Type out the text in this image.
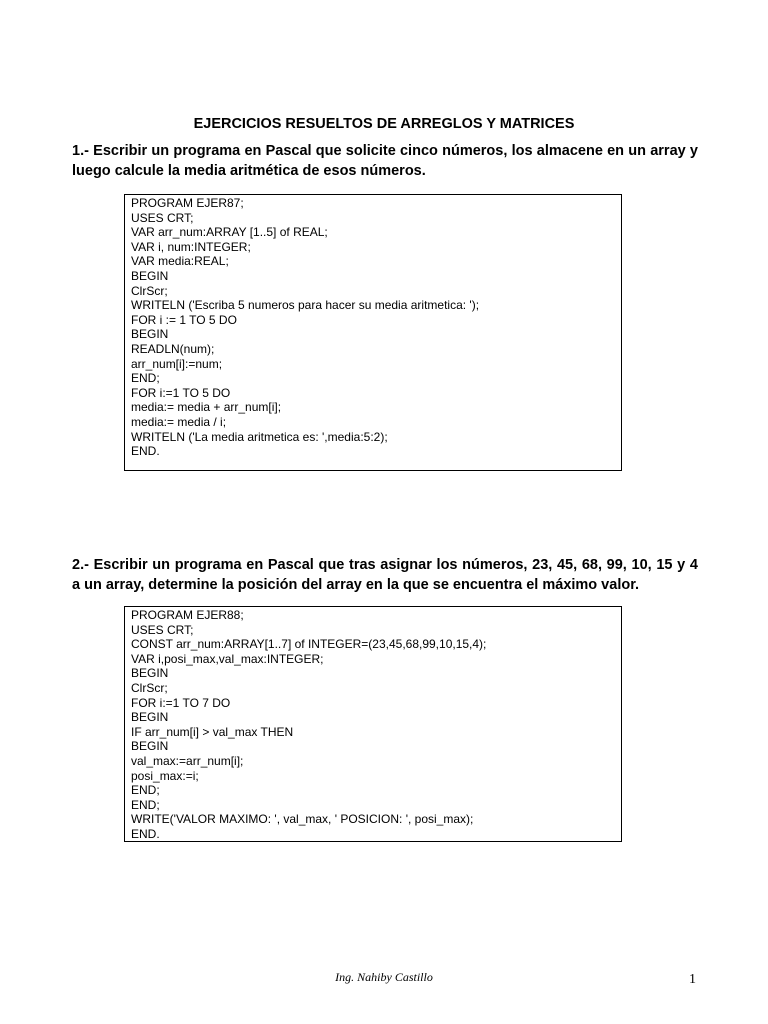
EJERCICIOS RESUELTOS DE ARREGLOS Y MATRICES
1.- Escribir un programa en Pascal que solicite cinco números, los almacene en un array y luego calcule la media aritmética de esos números.
PROGRAM EJER87;
USES CRT;
VAR arr_num:ARRAY [1..5] of REAL;
VAR i, num:INTEGER;
VAR media:REAL;
BEGIN
ClrScr;
WRITELN ('Escriba 5 numeros para hacer su media aritmetica: ');
FOR i := 1 TO 5 DO
BEGIN
READLN(num);
arr_num[i]:=num;
END;
FOR i:=1 TO 5 DO
media:= media + arr_num[i];
media:= media / i;
WRITELN ('La media aritmetica es: ',media:5:2);
END.
2.- Escribir un programa en Pascal que tras asignar los números, 23, 45, 68, 99, 10, 15 y 4 a un array, determine la posición del array en la que se encuentra el máximo valor.
PROGRAM EJER88;
USES CRT;
CONST arr_num:ARRAY[1..7] of INTEGER=(23,45,68,99,10,15,4);
VAR i,posi_max,val_max:INTEGER;
BEGIN
ClrScr;
FOR i:=1 TO 7 DO
BEGIN
IF arr_num[i] > val_max THEN
BEGIN
val_max:=arr_num[i];
posi_max:=i;
END;
END;
WRITE('VALOR MAXIMO: ', val_max, ' POSICION: ', posi_max);
END.
Ing. Nahiby Castillo	1
